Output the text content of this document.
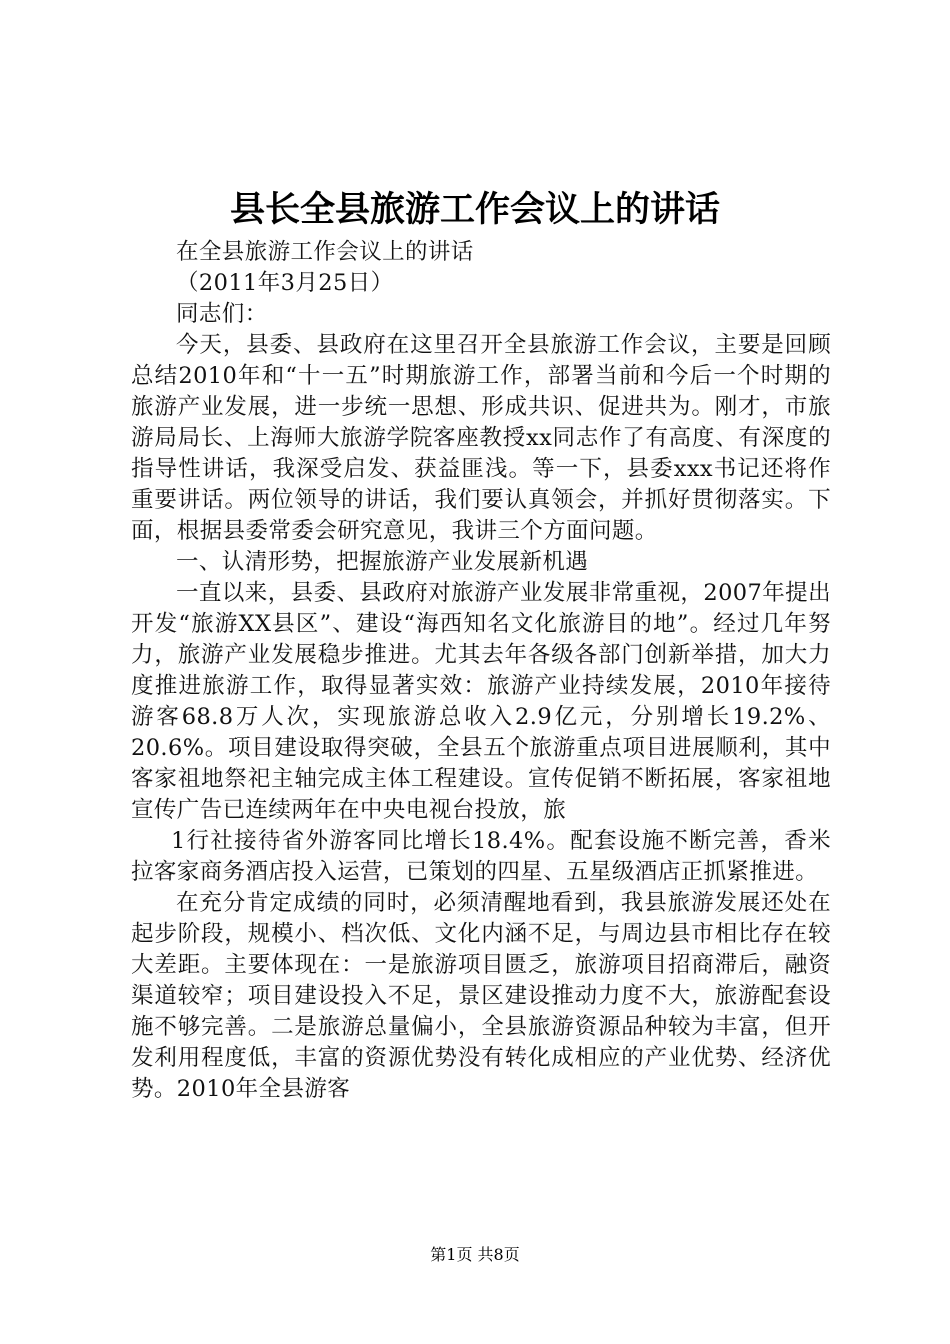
县长全县旅游工作会议上的讲话

在全县旅游工作会议上的讲话

（2011年3月25日）

同志们：

今天，县委、县政府在这里召开全县旅游工作会议，主要是回顾总结2010年和“十一五”时期旅游工作，部署当前和今后一个时期的旅游产业发展，进一步统一思想、形成共识、促进共为。刚才，市旅游局局长、上海师大旅游学院客座教授xx同志作了有高度、有深度的指导性讲话，我深受启发、获益匪浅。等一下，县委xxx书记还将作重要讲话。两位领导的讲话，我们要认真领会，并抓好贯彻落实。下面，根据县委常委会研究意见，我讲三个方面问题。

一、认清形势，把握旅游产业发展新机遇

一直以来，县委、县政府对旅游产业发展非常重视，2007年提出开发“旅游XX县区”、建设“海西知名文化旅游目的地”。经过几年努力，旅游产业发展稳步推进。尤其去年各级各部门创新举措，加大力度推进旅游工作，取得显著实效：旅游产业持续发展，2010年接待游客68.8万人次，实现旅游总收入2.9亿元，分别增长19.2%、20.6%。项目建设取得突破，全县五个旅游重点项目进展顺利，其中客家祖地祭祀主轴完成主体工程建设。宣传促销不断拓展，客家祖地宣传广告已连续两年在中央电视台投放，旅

1行社接待省外游客同比增长18.4%。配套设施不断完善，香米拉客家商务酒店投入运营，已策划的四星、五星级酒店正抓紧推进。

在充分肯定成绩的同时，必须清醒地看到，我县旅游发展还处在起步阶段，规模小、档次低、文化内涵不足，与周边县市相比存在较大差距。主要体现在：一是旅游项目匮乏，旅游项目招商滞后，融资渠道较窄；项目建设投入不足，景区建设推动力度不大，旅游配套设施不够完善。二是旅游总量偏小，全县旅游资源品种较为丰富，但开发利用程度低，丰富的资源优势没有转化成相应的产业优势、经济优势。2010年全县游客

第1页 共8页
